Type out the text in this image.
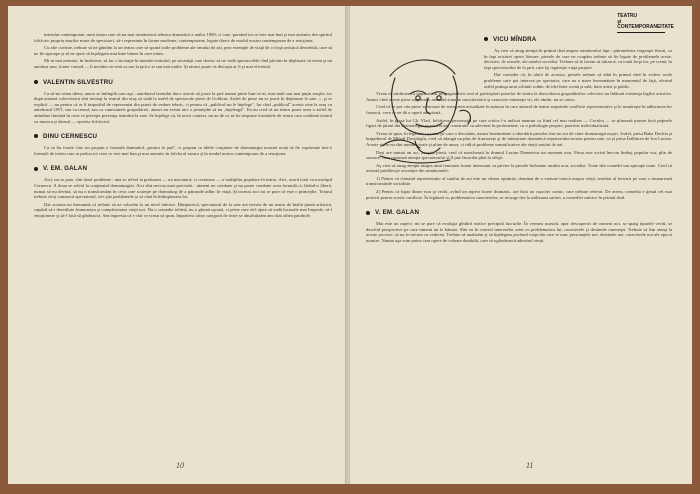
teatrului contemporan, unui teatru care să nu mai urmărească tehnica dramatică a anilor 1900, ci care, pornind tot ce este mai bun şi mai autentic din spiritul folcloric propriu marilor mase de spectatori, să-i reprezinte în forme moderne, contemporane, legate direct de modul nostru contemporan de a reacţiona.

Cu alte cuvinte, trebuie să ne gândim la un teatru care să spună noile probleme ale omului de azi, prin exemple de viaţă de o forţă artistică deosebită, care să ne fie aproape şi să ne ajute să înţelegem mai bine lumea în care trăim.

Mi-ai mai permite, în încheiere, să fac o invitaţie în numele teatrului: pe tovarăşii care doresc să ne vadă spectacolele cînd plecăm în deplasare să avem şi un autobuz nou, foarte comod — îi invităm să vină cu noi la ţară o zi sau mai multe. Şi atunci poate că discuţia ar fi şi mai eficientă.

VALENTIN SILVESTRU

Ca să-mi reiau ideea, unora se întîmplă cam aşa : autobuzul teatrului duce actorii să joace la ţară numai piese bun-ce-ai, mai mult sau mai puţin reuşite, iar după amiază colectivistii sînt invitaţi la teatrul din oraş să vadă la astfel de spectacole piese de Goldoni. Astfel de piese nu se joacă în deplasare la sate — şi se explică — nu pentru că ar fi imposibil de reprezentat din punct de vedere tehnic, ci pentru că „publicul nu le înţelege". Iar cînd „publicul" acesta vine la oraş cu autobuzul ONT, sau cu trenul, sau cu camioanele gospodăriei, atunci nu există nici o primejdie să nu „înţeleagă". Eu nu cred că un teatru poate avea o astfel de atitudine limitată în ceea ce priveşte prezenţa teatrului la sate. Se înţelege că, în acest context, nu au de ce să fie respinse formulele de teatru care combină teatrul cu muzica şi dansul — opereta folclorică.

DINU CERNESCU

Ca să fiu foarte clar, nu propun o formulă dramatică „pentru la ţară", ci propun ca ideile conţinute de dramaturgia noastră nouă să fie exprimate într-o formulă de teatru care ar prelua tot ceea ce este mai bun şi mai autentic în folclorul nostru şi în modul nostru contemporan de a reacţiona.

V. EM. GALAN

Aici, mi se pare, sînt două probleme : una se referă la preluarea — nu mecanică, ci creatoare — a tradiţiilor populare în teatru. Aici, acord total cu tovarăşul Cernescu. A doua se referă la conţinutul dramaturgiei. Aici sînt nevoia unei precizări : nimeni nu combate şi nu poate combate acea formulă ci, lăsînd-o liberă, numai să nu devină, să nu o transformăm în ceva care scuteşte pe dramaturg de a pătrunde adînc în viaţă. Şi tocmai aici mi se pare că este o primejdie. Teatrul trebuie să-şi cunoască spectatorul, să-i ştie problemele şi să vină în întîmpinarea lor.

Dar aceasta nu înseamnă că trebuie să ne coborîm la un nivel inferior. Dimpotrivă, spectatorul de la sate are nevoie de un teatru de înaltă ţinută artistică, capabil să-i dezvăluie frumuseţea şi complexitatea vieţii noi. Nu o comedie ieftină, nu o glumă uşoară, ci piese care să-l ajute să vadă lucrurile mai limpede, să-l emoţioneze şi să-l facă să gîndească. Am impresia că e clar ce vreau să spun. Impotriva căror categorii de texte se absolutizăm am citat atîtea parabole.

10
TEATRU
şi
CONTEMPORANEITATE
VICU MÎNDRA

Aş vrea să atrag atenţia în primul rînd asupra următorului fapt : pătrunderea exigenţei firesti, ca în faţa oricărei opere literare, piesele de care ne ocupăm trebuie să fie legate de problemele acute, decisive, de actuale, ale satului socialist. Trebuie să le facem să trăiască, cu toată forţa lor, pe scenă, în faţa spectatorului de la ţară, care îşi regăseşte viaţa proprie.

Dar consider că, în afară de aceasta, piesele trebuie să aibă în primul rînd în vedere acele probleme care pot interesa pe spectator, care au o mare însemnătate în momentul de faţă, oferind astfel putinţa unui schimb rodnic de idei între scenă şi sală, între artist şi public.

Vreau să subliniez că imperativul propagandistic real al participării pieselor de teatru la dezvoltarea gospodăriilor colective nu înlătură existenţa legilor artistice. Atunci cînd aceste piese surprind o anumită situaţie caracteristică şi caractere omeneşti vii, ele rămîn, nu se uitesc.

Cred că se pot cita piese valoroase de stringentă actualitate în măsura în care autorul de teatru surprinde conflicte reprezentative şi le urmăreşte în adîncimea lor firească, ceea ce ne dă o operă adevărată.

Astfel, în piesa lui Gh. Vlad, Infrăţirea, personajul pe care critica l-a indicat unanim ca fiind cel mai realizat — Coculeţ — se plasează printre încă puţinele figuri de ţărani din dramaturgia noastră nouă, construite cu adevărat în profunzime, cu o psihologie proprie, puternic individualizată.

Vreau să spun, în legătură cu tema pe care o discutăm, marea însemnătate a abordării pieselor într-un act de către dramaturgii noştri. Astfel, piesa Baba Dochia şi brigadierul de Mihail Davidoglu, cred că adaugă un plus de frumuseţe şi de intensitate dramatică repertoriului nostru pentru sate, ca şi piesa Întîlnirea de Ion Lucian. Aceste piese nu sînt numai vioaie şi pline de umor, ci ridică probleme semnificative ale vieţii satului de azi.

Deşi are numai un act, această piesă, cred că marchează în drumul Lucian Demetrius un moment nou. Piesa este scrisă într-un limbaj popular viu, plin de savoare, care captează atenţia spectatorului şi îl ţine încordat pînă la sfîrşit.

Aş vrea să atrag atenţia asupra unui fenomen foarte interesant cu privire la piesele închinate satului nou, socialist. Toate sînt comedii sau aproape toate. Cred că această predilecţie izvorăşte din următoarele:

1) Pentru că climatul reprezentativ al satului de azi este un climat optimist, dominat de o viziune tonică asupra vieţii, rezultat al fericirii pe care o instaurează transformările socialiste.

2) Pentru că lupta dintre nou şi vechi, avînd un aspect foarte dramatic, are încă un caracter comic, care trebuie relevat. De aceea, comedia e genul cel mai potrivit pentru aceste conflicte. În legătură cu problematica caracterelor, se recurge des la utilizarea satirei, a comediei satirice în primul rînd.

V. EM. GALAN

Mai este un aspect: mi se pare că evoluţia gîndirii etatice precipită lucrurile. În vremea noastră, apar descoperiri de oameni noi, se sparg tiparele vechi, se deschid perspective pe care nimeni nu le bănuia. Sînt eu în centrul intereselor artei cu problematica lui, caracterele şi destinele omeneşti. Trebuie să fim atenţi la aceste procese, să nu le trecem cu vederea. Trebuie să analizăm şi să înţelegem profund viaţa din care se nasc personajele noi, destinele noi, caracterele noi ale epocii noastre. Numai aşa vom putea crea opere de valoare durabilă, care să oglindească adevărul vieţii.

11
